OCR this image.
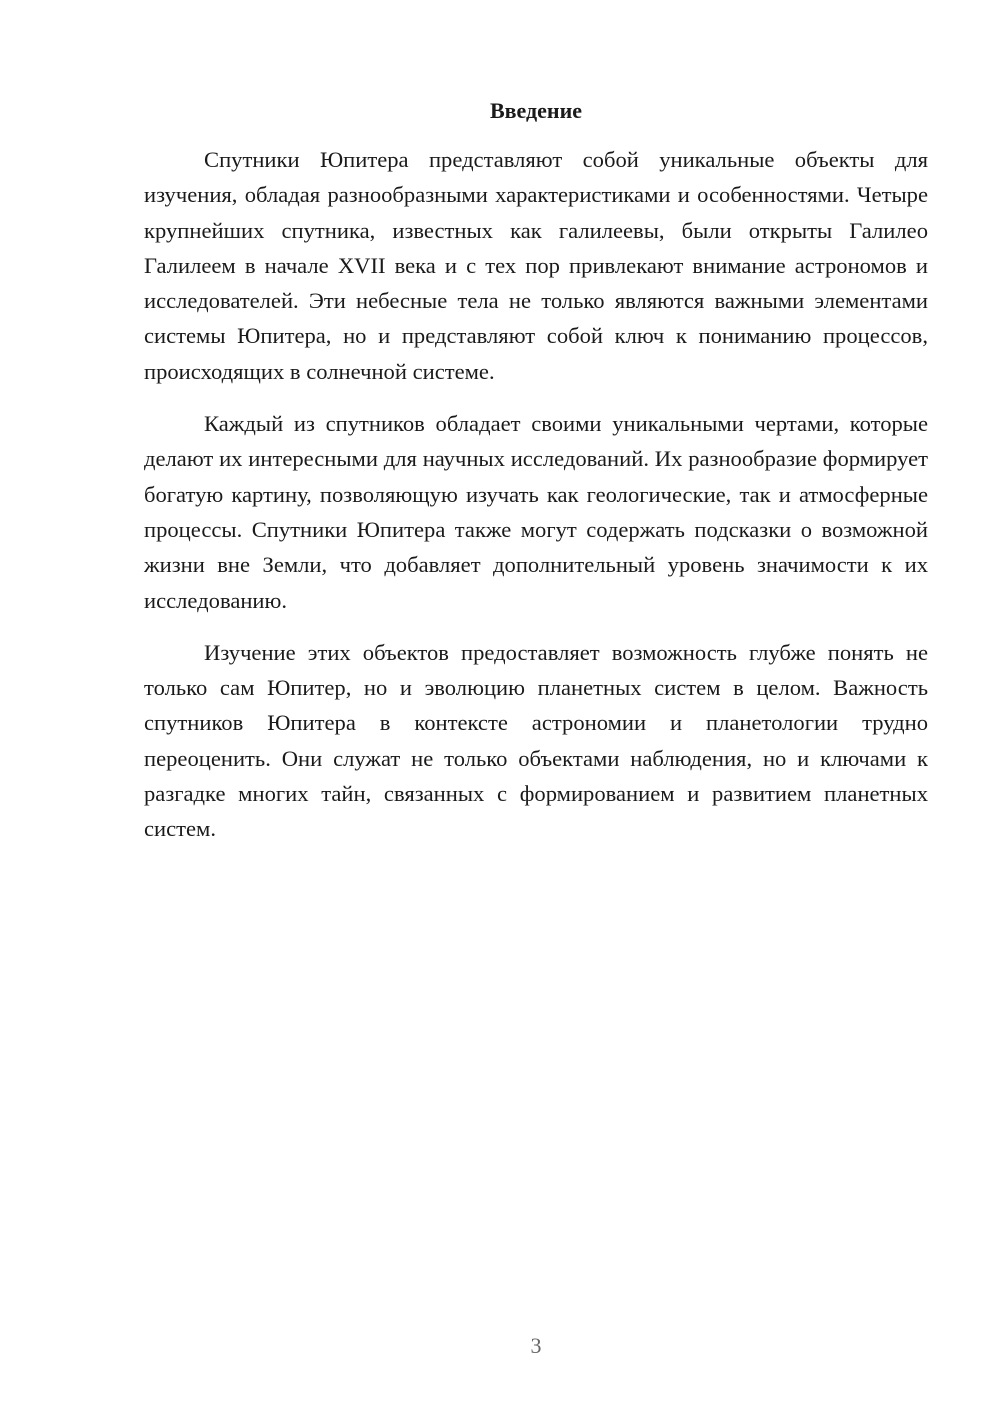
Введение

Спутники Юпитера представляют собой уникальные объекты для изучения, обладая разнообразными характеристиками и особенностями. Четыре крупнейших спутника, известных как галилеевы, были открыты Галилео Галилеем в начале XVII века и с тех пор привлекают внимание астрономов и исследователей. Эти небесные тела не только являются важными элементами системы Юпитера, но и представляют собой ключ к пониманию процессов, происходящих в солнечной системе.

Каждый из спутников обладает своими уникальными чертами, которые делают их интересными для научных исследований. Их разнообразие формирует богатую картину, позволяющую изучать как геологические, так и атмосферные процессы. Спутники Юпитера также могут содержать подсказки о возможной жизни вне Земли, что добавляет дополнительный уровень значимости к их исследованию.

Изучение этих объектов предоставляет возможность глубже понять не только сам Юпитер, но и эволюцию планетных систем в целом. Важность спутников Юпитера в контексте астрономии и планетологии трудно переоценить. Они служат не только объектами наблюдения, но и ключами к разгадке многих тайн, связанных с формированием и развитием планетных систем.

3
